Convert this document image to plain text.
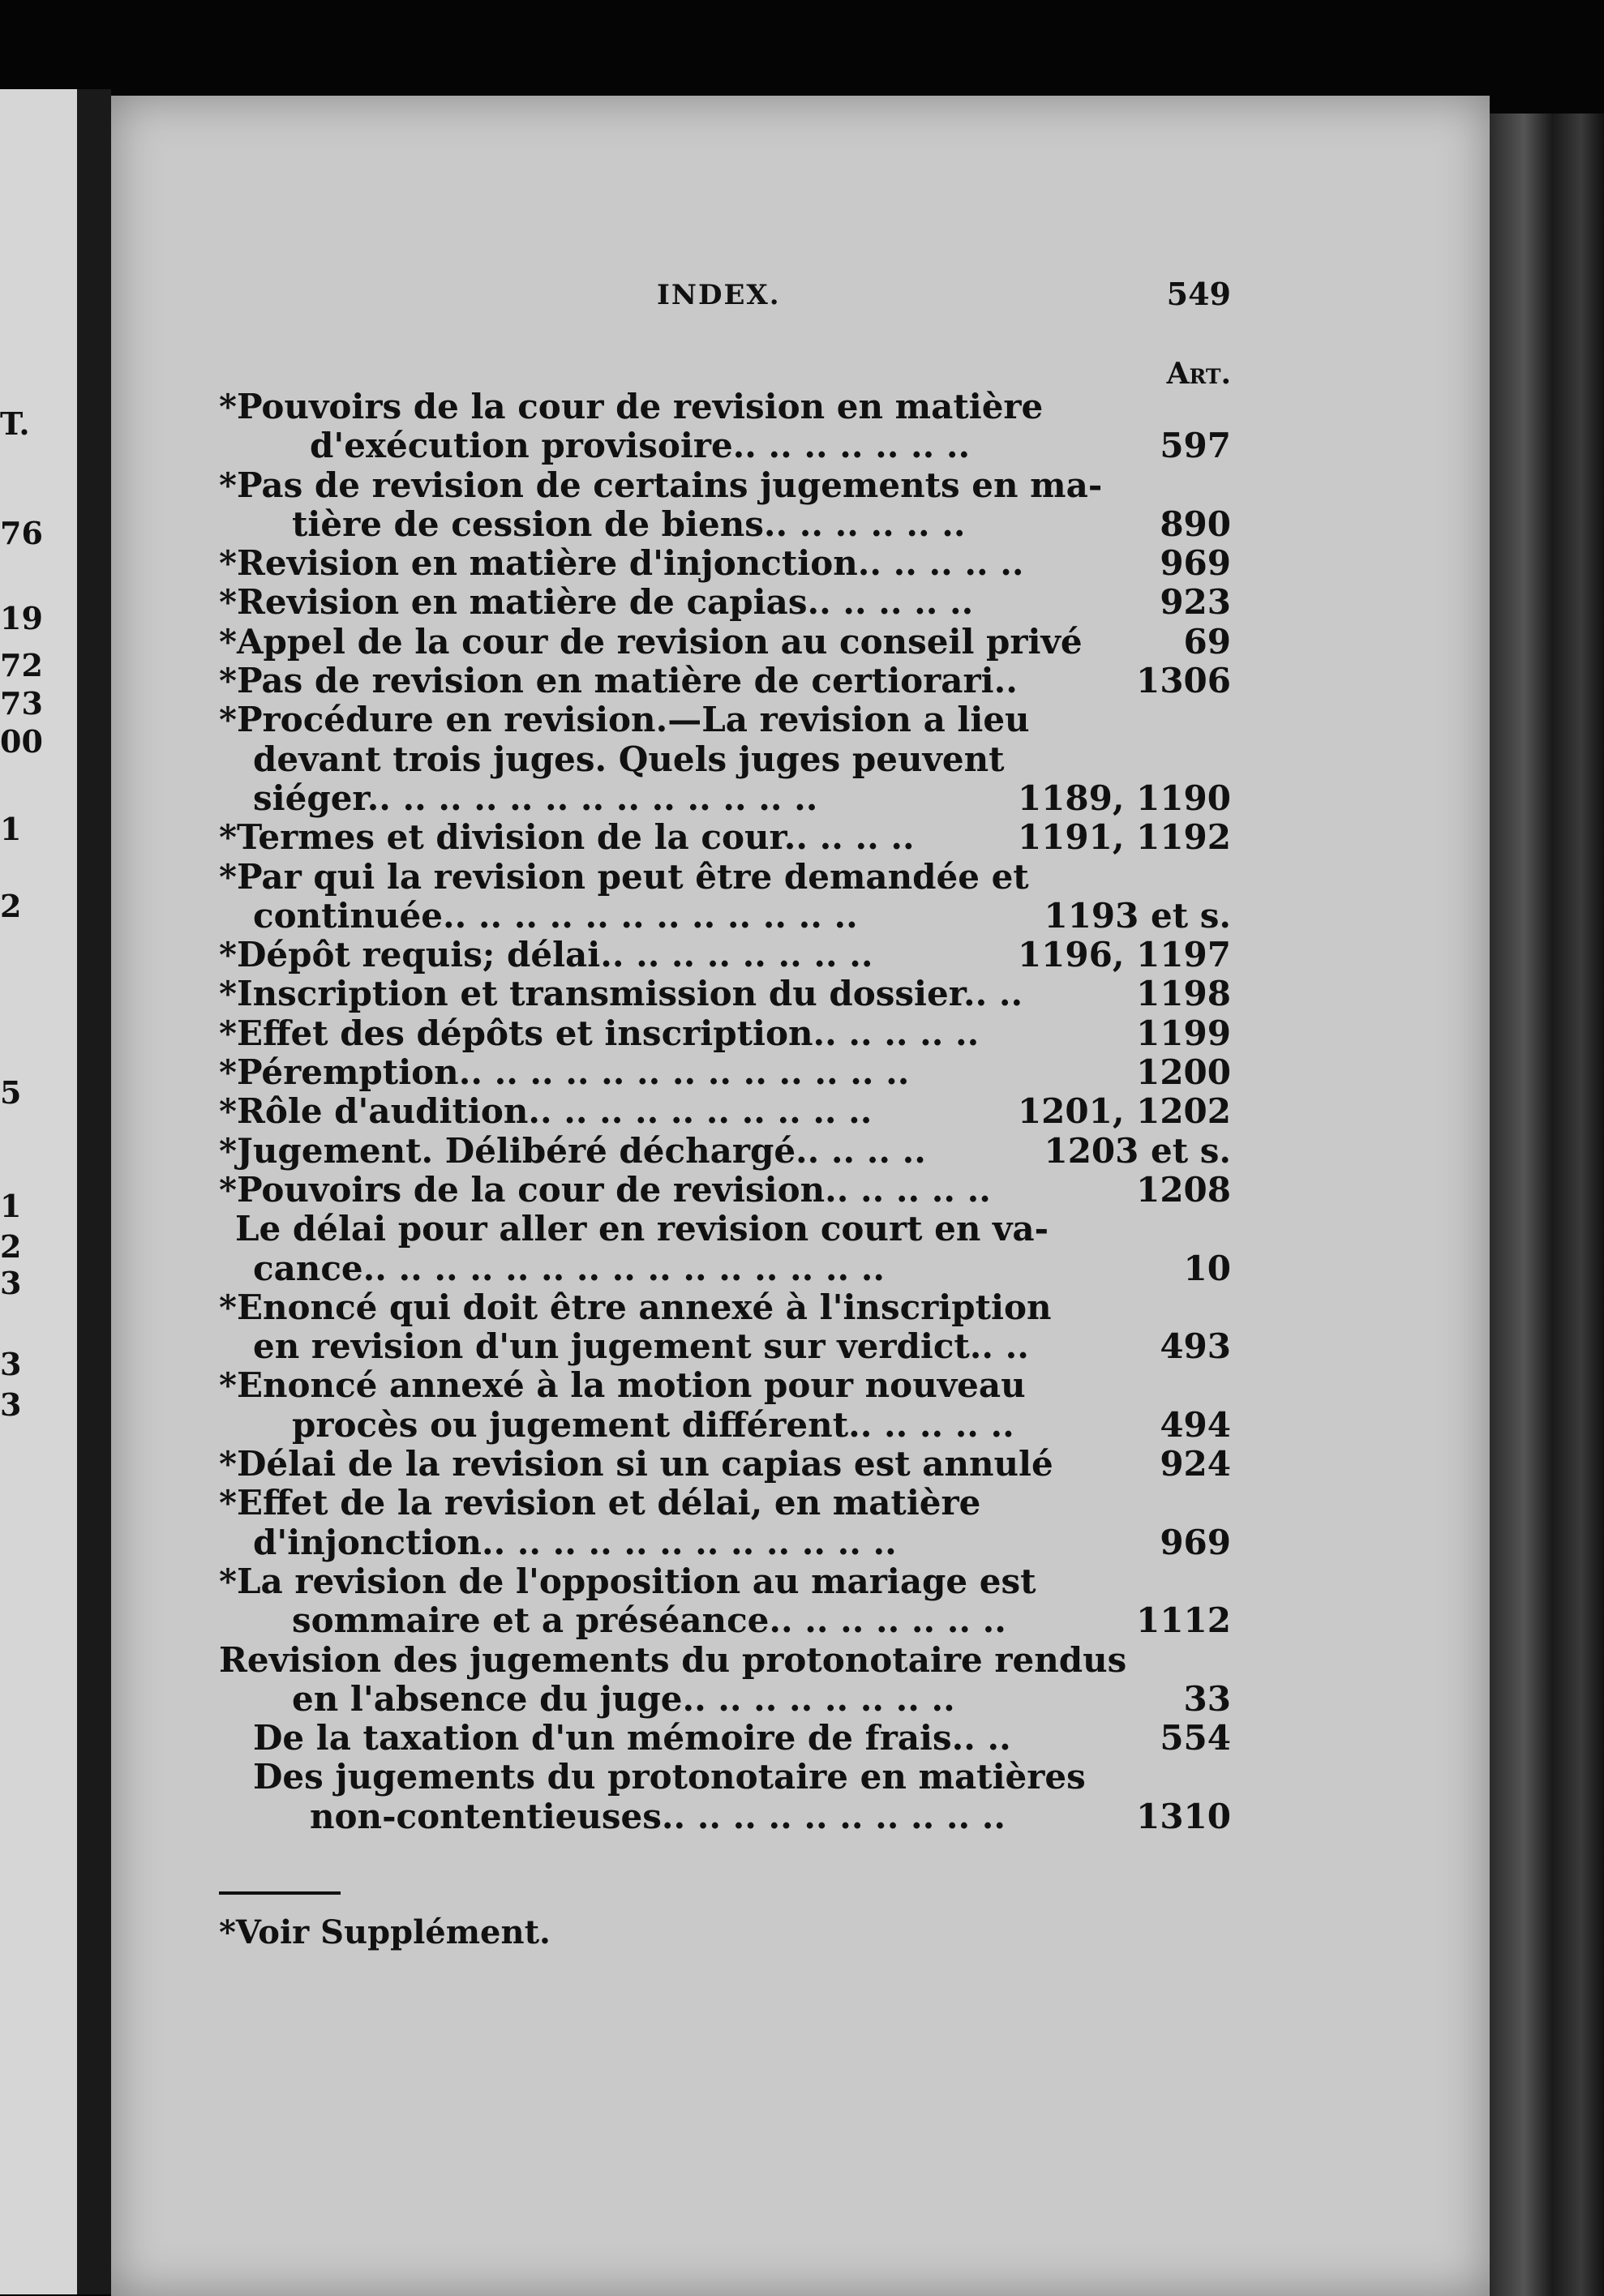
T.
76
19
72
73
00
1
2
5
1
2
3
3
3
INDEX.	549
Art.
*Pouvoirs de la cour de revision en matière
d'exécution provisoire.. .. .. .. .. .. ..	597
*Pas de revision de certains jugements en ma-
tière de cession de biens.. .. .. .. .. ..	890
*Revision en matière d'injonction.. .. .. .. ..	969
*Revision en matière de capias.. .. .. .. ..	923
*Appel de la cour de revision au conseil privé	69
*Pas de revision en matière de certiorari..	1306
*Procédure en revision.—La revision a lieu
devant trois juges. Quels juges peuvent
siéger.. .. .. .. .. .. .. .. .. .. .. .. ..	1189, 1190
*Termes et division de la cour.. .. .. ..	1191, 1192
*Par qui la revision peut être demandée et
continuée.. .. .. .. .. .. .. .. .. .. .. ..	1193 et s.
*Dépôt requis; délai.. .. .. .. .. .. .. ..	1196, 1197
*Inscription et transmission du dossier.. ..	1198
*Effet des dépôts et inscription.. .. .. .. ..	1199
*Péremption.. .. .. .. .. .. .. .. .. .. .. .. ..	1200
*Rôle d'audition.. .. .. .. .. .. .. .. .. ..	1201, 1202
*Jugement. Délibéré déchargé.. .. .. ..	1203 et s.
*Pouvoirs de la cour de revision.. .. .. .. ..	1208
Le délai pour aller en revision court en va-
cance.. .. .. .. .. .. .. .. .. .. .. .. .. .. ..	10
*Enoncé qui doit être annexé à l'inscription
en revision d'un jugement sur verdict.. ..	493
*Enoncé annexé à la motion pour nouveau
procès ou jugement différent.. .. .. .. ..	494
*Délai de la revision si un capias est annulé	924
*Effet de la revision et délai, en matière
d'injonction.. .. .. .. .. .. .. .. .. .. .. ..	969
*La revision de l'opposition au mariage est
sommaire et a préséance.. .. .. .. .. .. ..	1112
Revision des jugements du protonotaire rendus
en l'absence du juge.. .. .. .. .. .. .. ..	33
De la taxation d'un mémoire de frais.. ..	554
Des jugements du protonotaire en matières
non-contentieuses.. .. .. .. .. .. .. .. .. ..	1310
*Voir Supplément.
